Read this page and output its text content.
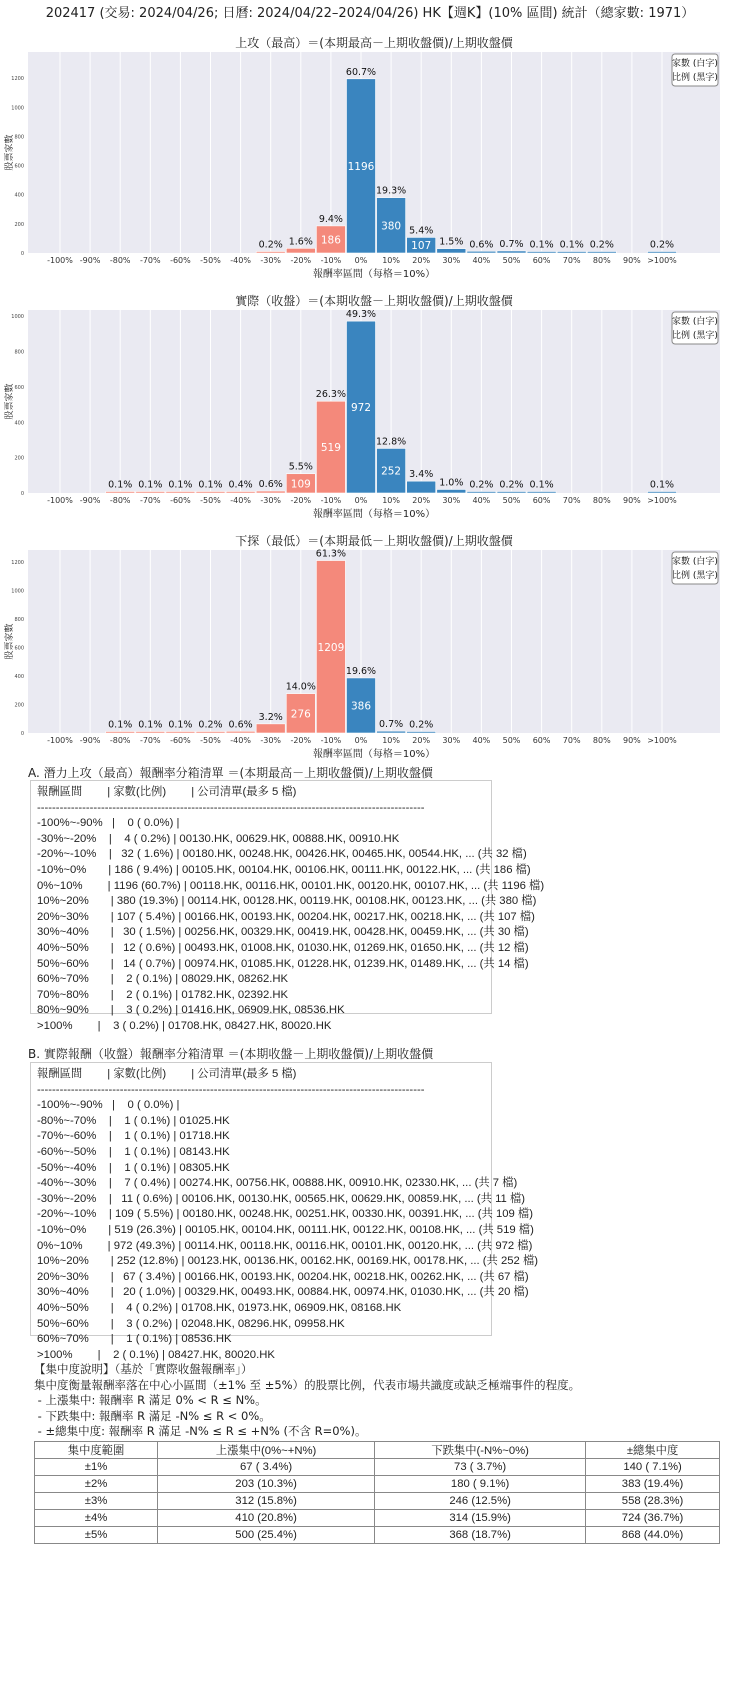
202417 (交易: 2024/04/26; 日曆: 2024/04/22–2024/04/26) HK【週K】(10% 區間) 統計（總家數: 1971）
上攻（最高）＝(本期最高－上期收盤價)/上期收盤價
-100% -90% -80% -70% -60% -50% -40% -30% -20% -10% 0% 10% 20% 30% 40% 50% 60% 70% 80% 90% >100%
0
200
400
600
800
1000
1200
股票家數
報酬率區間（每格＝10%）
0.2% 1.6% 186
9.4%
1196
60.7%
380
19.3%
107
5.4%
1.5% 0.6% 0.7% 0.1% 0.1% 0.2%	0.2%
家數 (白字)
比例 (黑字)
實際（收盤）＝(本期收盤－上期收盤價)/上期收盤價
-100% -90% -80% -70% -60% -50% -40% -30% -20% -10% 0% 10% 20% 30% 40% 50% 60% 70% 80% 90% >100%
0
200
400
600
800
1000
股票家數
報酬率區間（每格＝10%）
0.1% 0.1% 0.1% 0.1% 0.4% 0.6% 109
5.5%
519
26.3%
972
49.3%
252
12.8%
3.4%
1.0% 0.2% 0.2% 0.1%	0.1%
家數 (白字)
比例 (黑字)
下探（最低）＝(本期最低－上期收盤價)/上期收盤價
-100% -90% -80% -70% -60% -50% -40% -30% -20% -10% 0% 10% 20% 30% 40% 50% 60% 70% 80% 90% >100%
0
200
400
600
800
1000
1200
股票家數
報酬率區間（每格＝10%）
0.1% 0.1% 0.1% 0.2% 0.6%
3.2% 276
14.0%
1209
61.3%
386
19.6%
0.7% 0.2%
家數 (白字)
比例 (黑字)
A. 潛力上攻（最高）報酬率分箱清單 ＝(本期最高－上期收盤價)/上期收盤價
報酬區間        | 家數(比例)        | 公司清單(最多 5 檔)
-------------------------------------------------------------------------------------------------------
-100%~-90%   |    0 ( 0.0%) |
-30%~-20%    |    4 ( 0.2%) | 00130.HK, 00629.HK, 00888.HK, 00910.HK
-20%~-10%    |   32 ( 1.6%) | 00180.HK, 00248.HK, 00426.HK, 00465.HK, 00544.HK, ... (共 32 檔)
-10%~0%       | 186 ( 9.4%) | 00105.HK, 00104.HK, 00106.HK, 00111.HK, 00122.HK, ... (共 186 檔)
0%~10%        | 1196 (60.7%) | 00118.HK, 00116.HK, 00101.HK, 00120.HK, 00107.HK, ... (共 1196 檔)
10%~20%       | 380 (19.3%) | 00114.HK, 00128.HK, 00119.HK, 00108.HK, 00123.HK, ... (共 380 檔)
20%~30%       | 107 ( 5.4%) | 00166.HK, 00193.HK, 00204.HK, 00217.HK, 00218.HK, ... (共 107 檔)
30%~40%       |   30 ( 1.5%) | 00256.HK, 00329.HK, 00419.HK, 00428.HK, 00459.HK, ... (共 30 檔)
40%~50%       |   12 ( 0.6%) | 00493.HK, 01008.HK, 01030.HK, 01269.HK, 01650.HK, ... (共 12 檔)
50%~60%       |   14 ( 0.7%) | 00974.HK, 01085.HK, 01228.HK, 01239.HK, 01489.HK, ... (共 14 檔)
60%~70%       |    2 ( 0.1%) | 08029.HK, 08262.HK
70%~80%       |    2 ( 0.1%) | 01782.HK, 02392.HK
80%~90%       |    3 ( 0.2%) | 01416.HK, 06909.HK, 08536.HK
>100%        |    3 ( 0.2%) | 01708.HK, 08427.HK, 80020.HK
B. 實際報酬（收盤）報酬率分箱清單 ＝(本期收盤－上期收盤價)/上期收盤價
報酬區間        | 家數(比例)        | 公司清單(最多 5 檔)
-------------------------------------------------------------------------------------------------------
-100%~-90%   |    0 ( 0.0%) |
-80%~-70%    |    1 ( 0.1%) | 01025.HK
-70%~-60%    |    1 ( 0.1%) | 01718.HK
-60%~-50%    |    1 ( 0.1%) | 08143.HK
-50%~-40%    |    1 ( 0.1%) | 08305.HK
-40%~-30%    |    7 ( 0.4%) | 00274.HK, 00756.HK, 00888.HK, 00910.HK, 02330.HK, ... (共 7 檔)
-30%~-20%    |   11 ( 0.6%) | 00106.HK, 00130.HK, 00565.HK, 00629.HK, 00859.HK, ... (共 11 檔)
-20%~-10%    | 109 ( 5.5%) | 00180.HK, 00248.HK, 00251.HK, 00330.HK, 00391.HK, ... (共 109 檔)
-10%~0%       | 519 (26.3%) | 00105.HK, 00104.HK, 00111.HK, 00122.HK, 00108.HK, ... (共 519 檔)
0%~10%        | 972 (49.3%) | 00114.HK, 00118.HK, 00116.HK, 00101.HK, 00120.HK, ... (共 972 檔)
10%~20%       | 252 (12.8%) | 00123.HK, 00136.HK, 00162.HK, 00169.HK, 00178.HK, ... (共 252 檔)
20%~30%       |   67 ( 3.4%) | 00166.HK, 00193.HK, 00204.HK, 00218.HK, 00262.HK, ... (共 67 檔)
30%~40%       |   20 ( 1.0%) | 00329.HK, 00493.HK, 00884.HK, 00974.HK, 01030.HK, ... (共 20 檔)
40%~50%       |    4 ( 0.2%) | 01708.HK, 01973.HK, 06909.HK, 08168.HK
50%~60%       |    3 ( 0.2%) | 02048.HK, 08296.HK, 09958.HK
60%~70%       |    1 ( 0.1%) | 08536.HK
>100%        |    2 ( 0.1%) | 08427.HK, 80020.HK
【集中度說明】（基於「實際收盤報酬率」）
集中度衡量報酬率落在中心小區間（±1% 至 ±5%）的股票比例，代表市場共識度或缺乏極端事件的程度。
- 上漲集中: 報酬率 R 滿足 0% < R ≤ N%。
- 下跌集中: 報酬率 R 滿足 -N% ≤ R < 0%。
- ±總集中度: 報酬率 R 滿足 -N% ≤ R ≤ +N% (不含 R=0%)。
集中度範圍	上漲集中(0%~+N%)	下跌集中(-N%~0%)	±總集中度
±1%	67 ( 3.4%)	73 ( 3.7%)	140 ( 7.1%)
±2%	203 (10.3%)	180 ( 9.1%)	383 (19.4%)
±3%	312 (15.8%)	246 (12.5%)	558 (28.3%)
±4%	410 (20.8%)	314 (15.9%)	724 (36.7%)
±5%	500 (25.4%)	368 (18.7%)	868 (44.0%)
